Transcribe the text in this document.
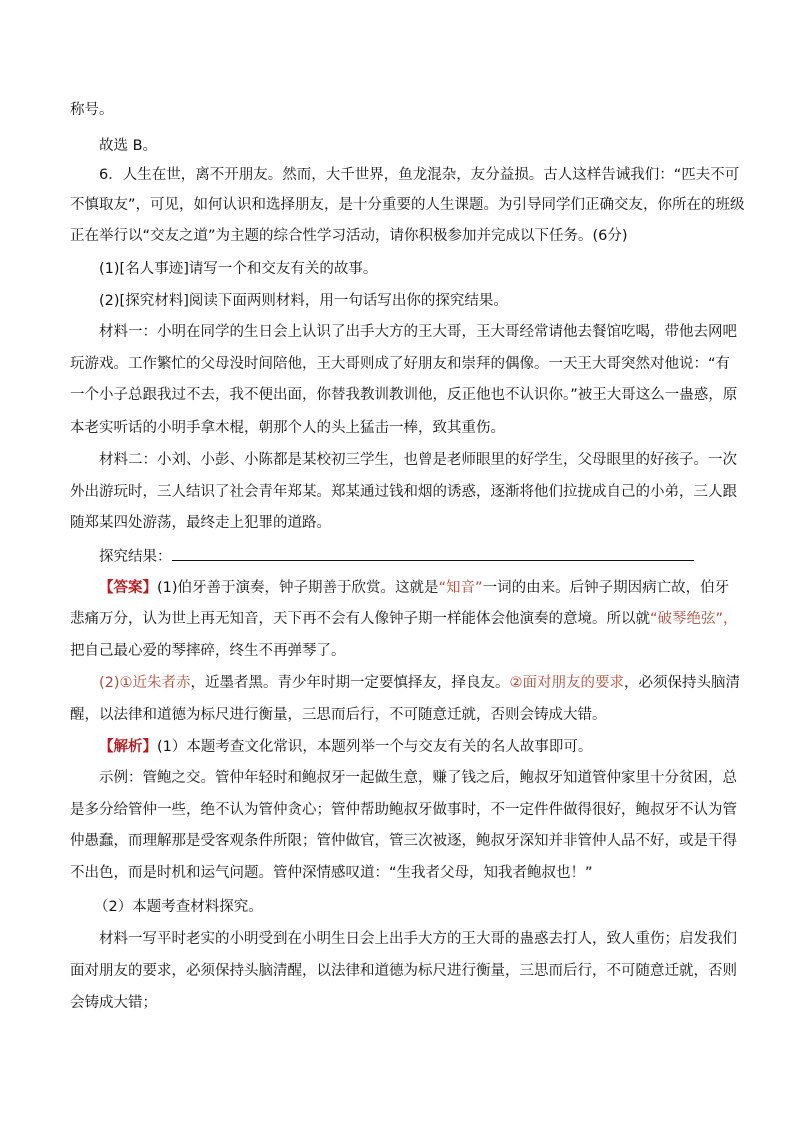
称号。
故选 B。
6．人生在世，离不开朋友。然而，大千世界，鱼龙混杂，友分益损。古人这样告诫我们：“匹夫不可
不慎取友”，可见，如何认识和选择朋友，是十分重要的人生课题。为引导同学们正确交友，你所在的班级
正在举行以“交友之道”为主题的综合性学习活动，请你积极参加并完成以下任务。(6分)
(1)[名人事迹]请写一个和交友有关的故事。
(2)[探究材料]阅读下面两则材料，用一句话写出你的探究结果。
材料一：小明在同学的生日会上认识了出手大方的王大哥，王大哥经常请他去餐馆吃喝，带他去网吧
玩游戏。工作繁忙的父母没时间陪他，王大哥则成了好朋友和崇拜的偶像。一天王大哥突然对他说：“有
一个小子总跟我过不去，我不便出面，你替我教训教训他，反正他也不认识你。”被王大哥这么一蛊惑，原
本老实听话的小明手拿木棍，朝那个人的头上猛击一棒，致其重伤。
材料二：小刘、小彭、小陈都是某校初三学生，也曾是老师眼里的好学生，父母眼里的好孩子。一次
外出游玩时，三人结识了社会青年郑某。郑某通过钱和烟的诱惑，逐渐将他们拉拢成自己的小弟，三人跟
随郑某四处游荡，最终走上犯罪的道路。
探究结果：
【答案】(1)伯牙善于演奏，钟子期善于欣赏。这就是“知音”一词的由来。后钟子期因病亡故，伯牙
悲痛万分，认为世上再无知音，天下再不会有人像钟子期一样能体会他演奏的意境。所以就“破琴绝弦”，
把自己最心爱的琴摔碎，终生不再弹琴了。
(2)①近朱者赤，近墨者黑。青少年时期一定要慎择友，择良友。②面对朋友的要求，必须保持头脑清
醒，以法律和道德为标尺进行衡量，三思而后行，不可随意迁就，否则会铸成大错。
【解析】(1）本题考查文化常识，本题列举一个与交友有关的名人故事即可。
示例：管鲍之交。管仲年轻时和鲍叔牙一起做生意，赚了钱之后，鲍叔牙知道管仲家里十分贫困，总
是多分给管仲一些，绝不认为管仲贪心；管仲帮助鲍叔牙做事时，不一定件件做得很好，鲍叔牙不认为管
仲愚蠢，而理解那是受客观条件所限；管仲做官，管三次被逐，鲍叔牙深知并非管仲人品不好，或是干得
不出色，而是时机和运气问题。管仲深情感叹道：“生我者父母，知我者鲍叔也！”
（2）本题考查材料探究。
材料一写平时老实的小明受到在小明生日会上出手大方的王大哥的蛊惑去打人，致人重伤；启发我们
面对朋友的要求，必须保持头脑清醒，以法律和道德为标尺进行衡量，三思而后行，不可随意迁就，否则
会铸成大错；
